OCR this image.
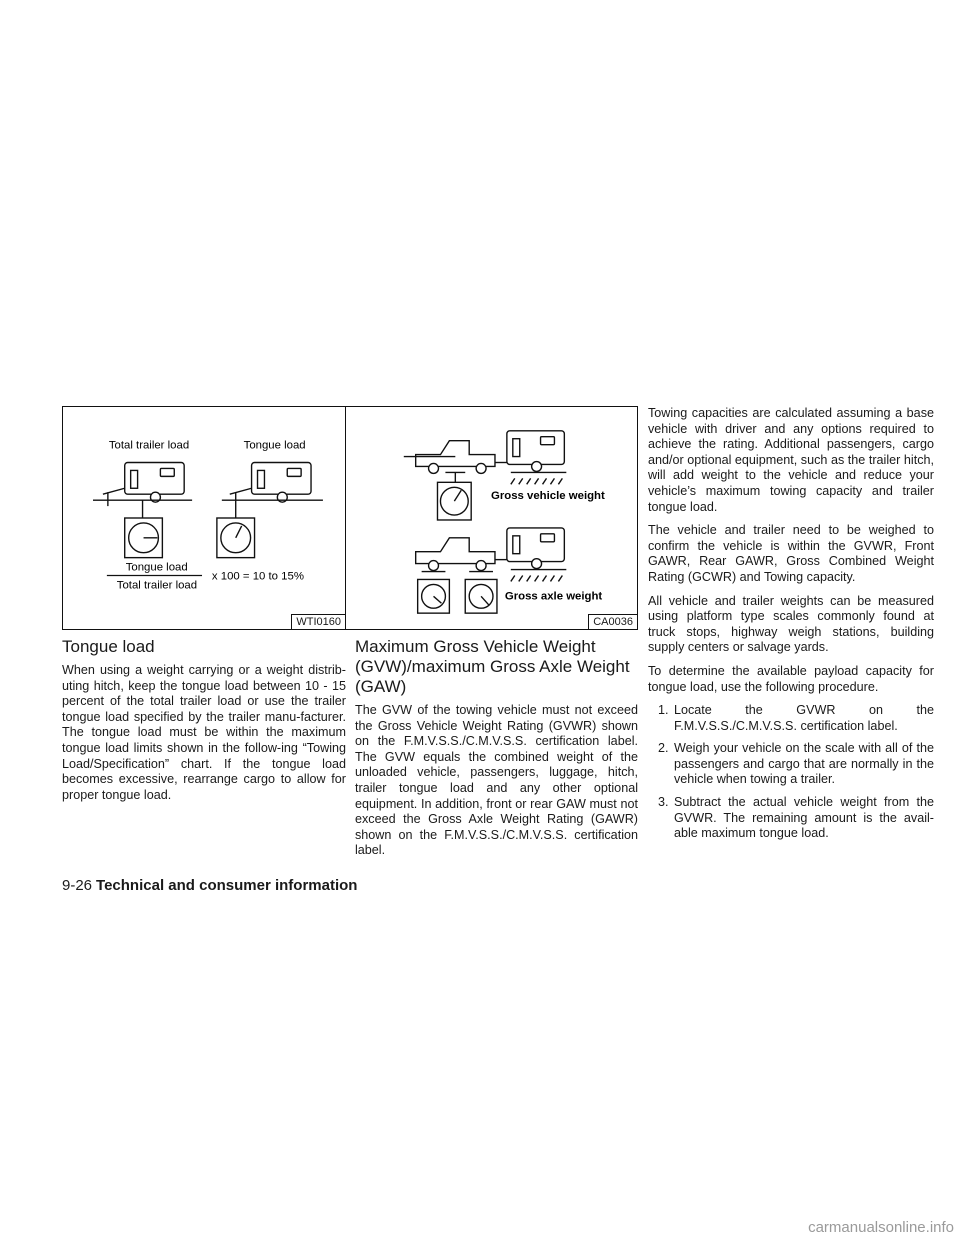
Total trailer load	Tongue load
Tongue load
Total trailer load
x 100 = 10 to 15%
WTI0160
Gross vehicle weight
Gross axle weight
CA0036
Tongue load

When using a weight carrying or a weight distrib-uting hitch, keep the tongue load between 10 - 15 percent of the total trailer load or use the trailer tongue load specified by the trailer manu-facturer. The tongue load must be within the maximum tongue load limits shown in the follow-ing “Towing Load/Specification” chart. If the tongue load becomes excessive, rearrange cargo to allow for proper tongue load.

Maximum Gross Vehicle Weight (GVW)/maximum Gross Axle Weight (GAW)

The GVW of the towing vehicle must not exceed the Gross Vehicle Weight Rating (GVWR) shown on the F.M.V.S.S./C.M.V.S.S. certification label. The GVW equals the combined weight of the unloaded vehicle, passengers, luggage, hitch, trailer tongue load and any other optional equipment. In addition, front or rear GAW must not exceed the Gross Axle Weight Rating (GAWR) shown on the F.M.V.S.S./C.M.V.S.S. certification label.

Towing capacities are calculated assuming a base vehicle with driver and any options required to achieve the rating. Additional passengers, cargo and/or optional equipment, such as the trailer hitch, will add weight to the vehicle and reduce your vehicle’s maximum towing capacity and trailer tongue load.

The vehicle and trailer need to be weighed to confirm the vehicle is within the GVWR, Front GAWR, Rear GAWR, Gross Combined Weight Rating (GCWR) and Towing capacity.

All vehicle and trailer weights can be measured using platform type scales commonly found at truck stops, highway weigh stations, building supply centers or salvage yards.

To determine the available payload capacity for tongue load, use the following procedure.

1. Locate the GVWR on the F.M.V.S.S./C.M.V.S.S. certification label.
2. Weigh your vehicle on the scale with all of the passengers and cargo that are normally in the vehicle when towing a trailer.
3. Subtract the actual vehicle weight from the GVWR. The remaining amount is the avail-able maximum tongue load.
9-26 Technical and consumer information
carmanualsonline.info
